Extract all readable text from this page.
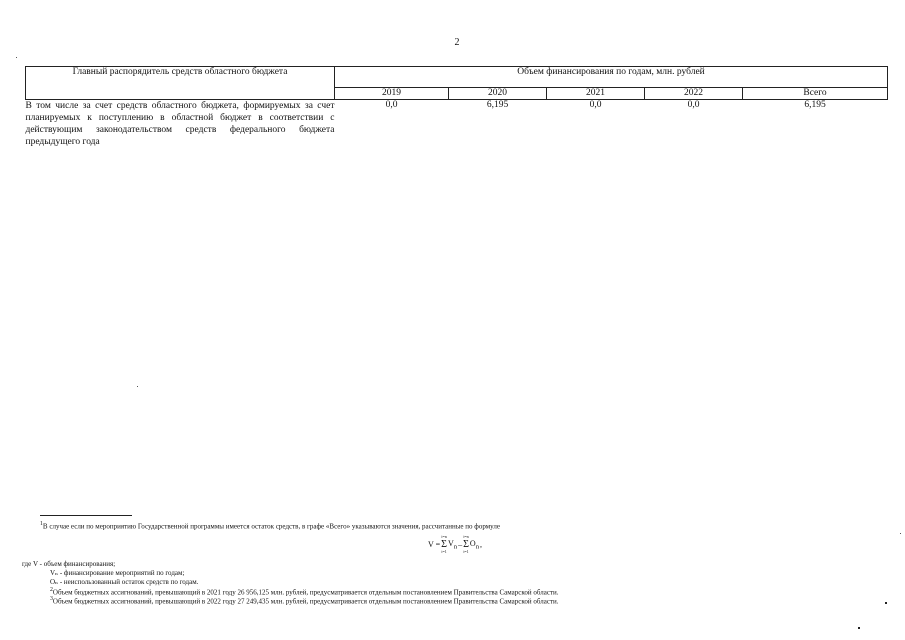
2
Главный распорядитель средств областного бюджета	Объем финансирования по годам, млн. рублей				
	2019	2020	2021	2022	Всего
В том числе за счет средств областного бюджета, формируемых за счет планируемых к поступлению в областной бюджет в соответствии с действующим законодательством средств федерального бюджета предыдущего года	0,0	6,195	0,0	0,0	6,195
$^1$В случае если по мероприятию Государственной программы имеется остаток средств, в графе «Всего» указываются значения, рассчитанные по формуле
V =
i=n
Σ
i=1
$V_n$ –
i=n
Σ
i=1
$O_n$ ,
где V - объем финансирования;
Vₙ - финансирование мероприятий по годам;
Oₙ - неиспользованный остаток средств по годам.
$^2$Объем бюджетных ассигнований, превышающий в 2021 году 26 956,125 млн. рублей, предусматривается отдельным постановлением Правительства Самарской области.
$^3$Объем бюджетных ассигнований, превышающий в 2022 году 27 249,435 млн. рублей, предусматривается отдельным постановлением Правительства Самарской области.
